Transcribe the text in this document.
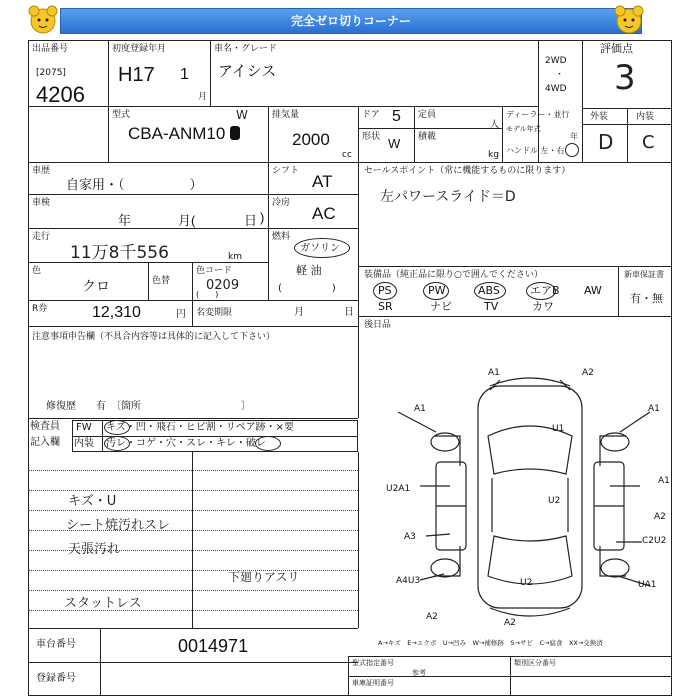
完全ゼロ切りコーナー
出品番号
[2075]
4206
初度登録年月
H17 1
月
車名・グレード
アイシス
2WD
・
4WD
評価点
3
外装	内装
D C
型式
CBA-ANM10
W	排気量
2000
cc
ドア 5
形状 W
定員
人
積載
kg
ディーラー・並行
モデル年式
年
ハンドル 左・右
車歴
自家用・（　　　　　）
シフト
AT
車検
年	月(	日 )
冷房
AC
走行
11万8千556	km
燃料
ガソリン
軽 油
(　　　　　)
色
クロ	色替
色コード
0209
(　　)
R券	12,310	円 名変期限	月	日
セールスポイント（常に機能するものに限ります）
左パワースライド＝D
装備品（純正品に限り○で囲んでください）	新車保証書
有・無
PS	PW	ABS	エアB AW
SR	ナビ	TV	カワ
後日品
注意事項申告欄（不具合内容等は具体的に記入して下さい）
修復歴　　有　〔箇所　　　　　　　　　　〕
検査員
記入欄
FW キズ・凹・飛石・ヒビ割・リペア跡・×要
内装 汚レ・コゲ・穴・スレ・キレ・破レ
キズ・U
シート焼汚れスレ
天張汚れ
スタットレス
下廻りアスリ
A1	A2
A1	A1
U1
U2A1
A1
U2
A2
A3	C2U2
A4U3	U2	UA1
A2
A2
A→キズ　E→エクボ　U→凹み　W→補修跡　S→サビ　C→腐食　XX→交換済
車台番号	0014971
登録番号
型式指定番号	類別区分番号
参考
車庫証明番号
